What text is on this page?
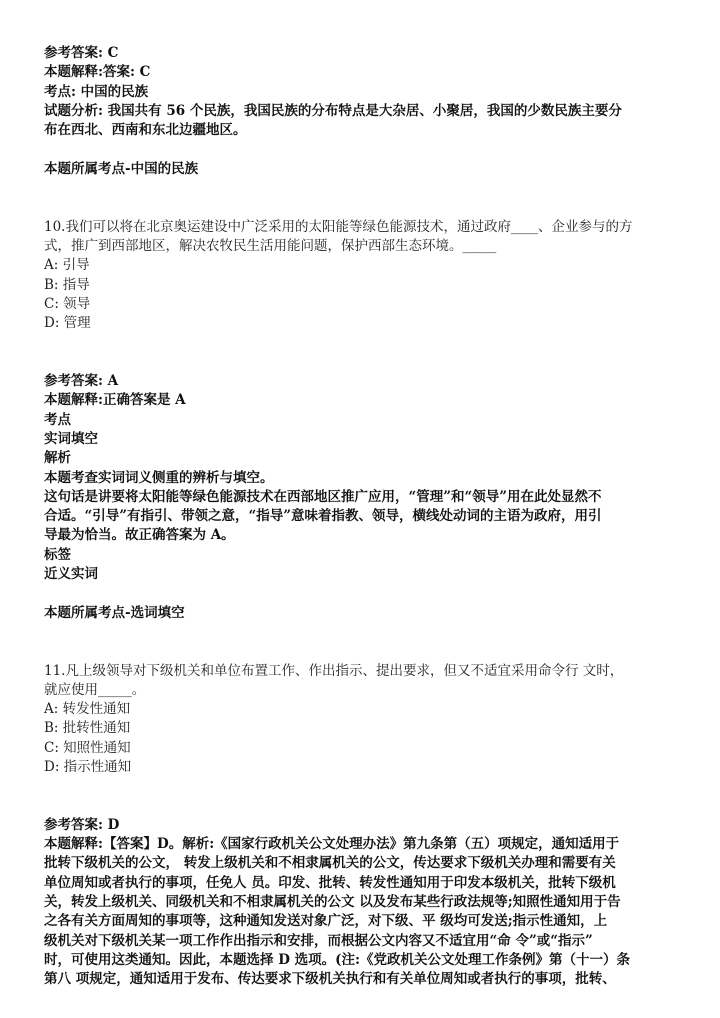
参考答案: C
本题解释:答案: C
考点: 中国的民族
试题分析: 我国共有 56 个民族，我国民族的分布特点是大杂居、小聚居，我国的少数民族主要分
布在西北、西南和东北边疆地区。
本题所属考点-中国的民族
10.我们可以将在北京奥运建设中广泛采用的太阳能等绿色能源技术，通过政府____、企业参与的方
式，推广到西部地区，解决农牧民生活用能问题，保护西部生态环境。_____
A: 引导
B: 指导
C: 领导
D: 管理
参考答案: A
本题解释:正确答案是 A
考点
实词填空
解析
本题考查实词词义侧重的辨析与填空。
这句话是讲要将太阳能等绿色能源技术在西部地区推广应用，“管理”和“领导”用在此处显然不
合适。“引导”有指引、带领之意，“指导”意味着指教、领导，横线处动词的主语为政府，用引
导最为恰当。故正确答案为 A。
标签
近义实词
本题所属考点-选词填空
11.凡上级领导对下级机关和单位布置工作、作出指示、提出要求，但又不适宜采用命令行 文时，
就应使用_____。
A: 转发性通知
B: 批转性通知
C: 知照性通知
D: 指示性通知
参考答案: D
本题解释:【答案】D。解析:《国家行政机关公文处理办法》第九条第（五）项规定，通知适用于
批转下级机关的公文， 转发上级机关和不相隶属机关的公文，传达要求下级机关办理和需要有关
单位周知或者执行的事项，任免人 员。印发、批转、转发性通知用于印发本级机关，批转下级机
关，转发上级机关、同级机关和不相隶属机关的公文 以及发布某些行政法规等;知照性通知用于告
之各有关方面周知的事项等，这种通知发送对象广泛，对下级、平 级均可发送;指示性通知，上
级机关对下级机关某一项工作作出指示和安排，而根据公文内容又不适宜用“命 令”或“指示”
时，可使用这类通知。因此，本题选择 D 选项。(注:《党政机关公文处理工作条例》第（十一）条
第八 项规定，通知适用于发布、传达要求下级机关执行和有关单位周知或者执行的事项，批转、
